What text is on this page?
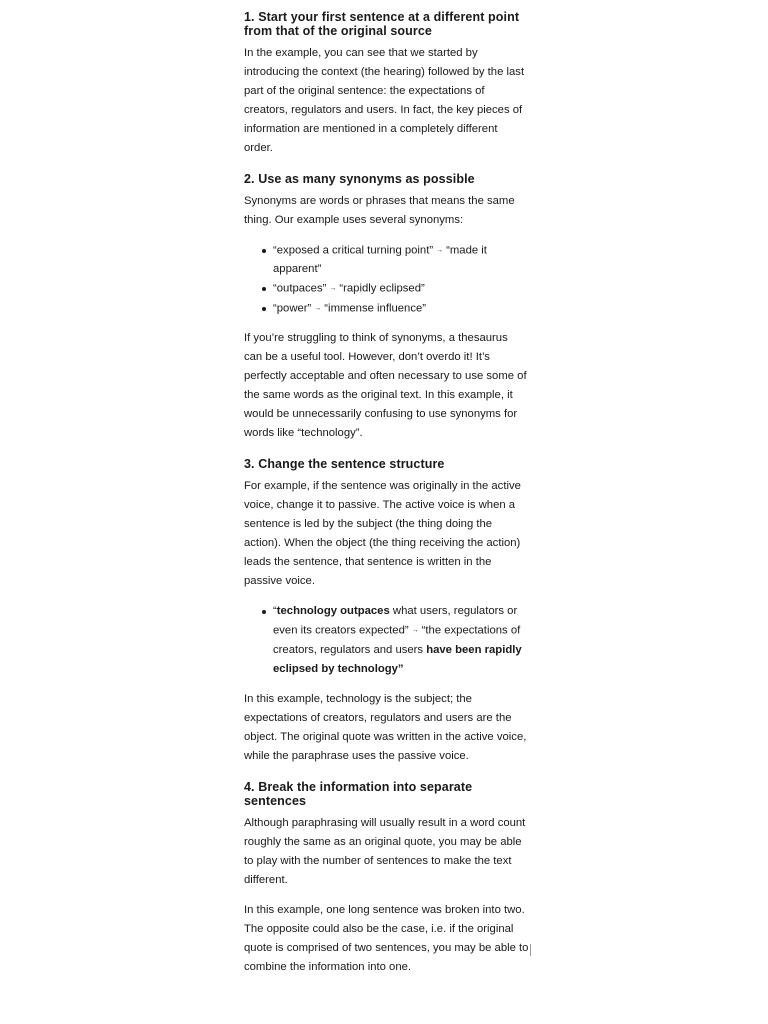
1. Start your first sentence at a different point from that of the original source

In the example, you can see that we started by introducing the context (the hearing) followed by the last part of the original sentence: the expectations of creators, regulators and users. In fact, the key pieces of information are mentioned in a completely different order.

2. Use as many synonyms as possible

Synonyms are words or phrases that means the same thing. Our example uses several synonyms:

“exposed a critical turning point” → “made it apparent”
“outpaces” → “rapidly eclipsed”
“power” → “immense influence”

If you’re struggling to think of synonyms, a thesaurus can be a useful tool. However, don’t overdo it! It’s perfectly acceptable and often necessary to use some of the same words as the original text. In this example, it would be unnecessarily confusing to use synonyms for words like “technology”.

3. Change the sentence structure

For example, if the sentence was originally in the active voice, change it to passive. The active voice is when a sentence is led by the subject (the thing doing the action). When the object (the thing receiving the action) leads the sentence, that sentence is written in the passive voice.

“technology outpaces what users, regulators or even its creators expected” → “the expectations of creators, regulators and users have been rapidly eclipsed by technology”

In this example, technology is the subject; the expectations of creators, regulators and users are the object. The original quote was written in the active voice, while the paraphrase uses the passive voice.

4. Break the information into separate sentences

Although paraphrasing will usually result in a word count roughly the same as an original quote, you may be able to play with the number of sentences to make the text different.

In this example, one long sentence was broken into two. The opposite could also be the case, i.e. if the original quote is comprised of two sentences, you may be able to combine the information into one.
